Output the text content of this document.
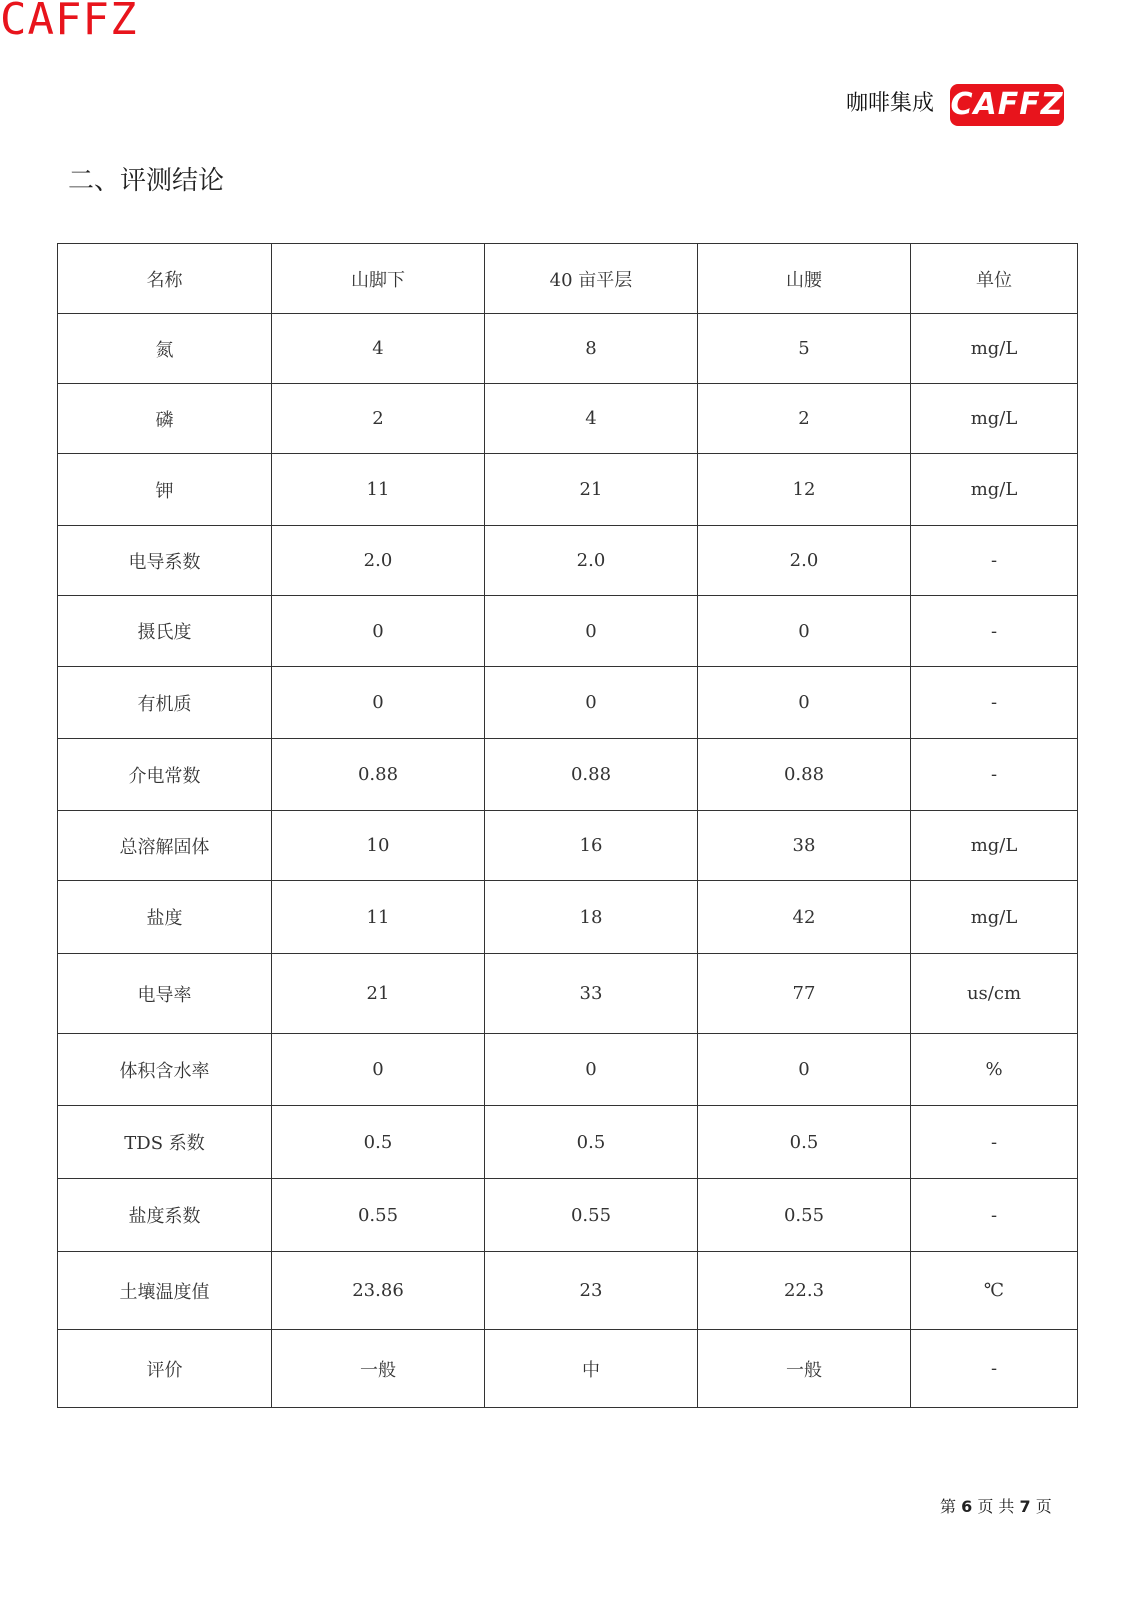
CAFFZ
咖啡集成 CAFFZ
二、评测结论
名称	山脚下	40 亩平层	山腰	单位
氮	4	8	5	mg/L
磷	2	4	2	mg/L
钾	11	21	12	mg/L
电导系数	2.0	2.0	2.0	-
摄氏度	0	0	0	-
有机质	0	0	0	-
介电常数	0.88	0.88	0.88	-
总溶解固体	10	16	38	mg/L
盐度	11	18	42	mg/L
电导率	21	33	77	us/cm
体积含水率	0	0	0	%
TDS 系数	0.5	0.5	0.5	-
盐度系数	0.55	0.55	0.55	-
土壤温度值	23.86	23	22.3	℃
评价	一般	中	一般	-
第 6 页 共 7 页
